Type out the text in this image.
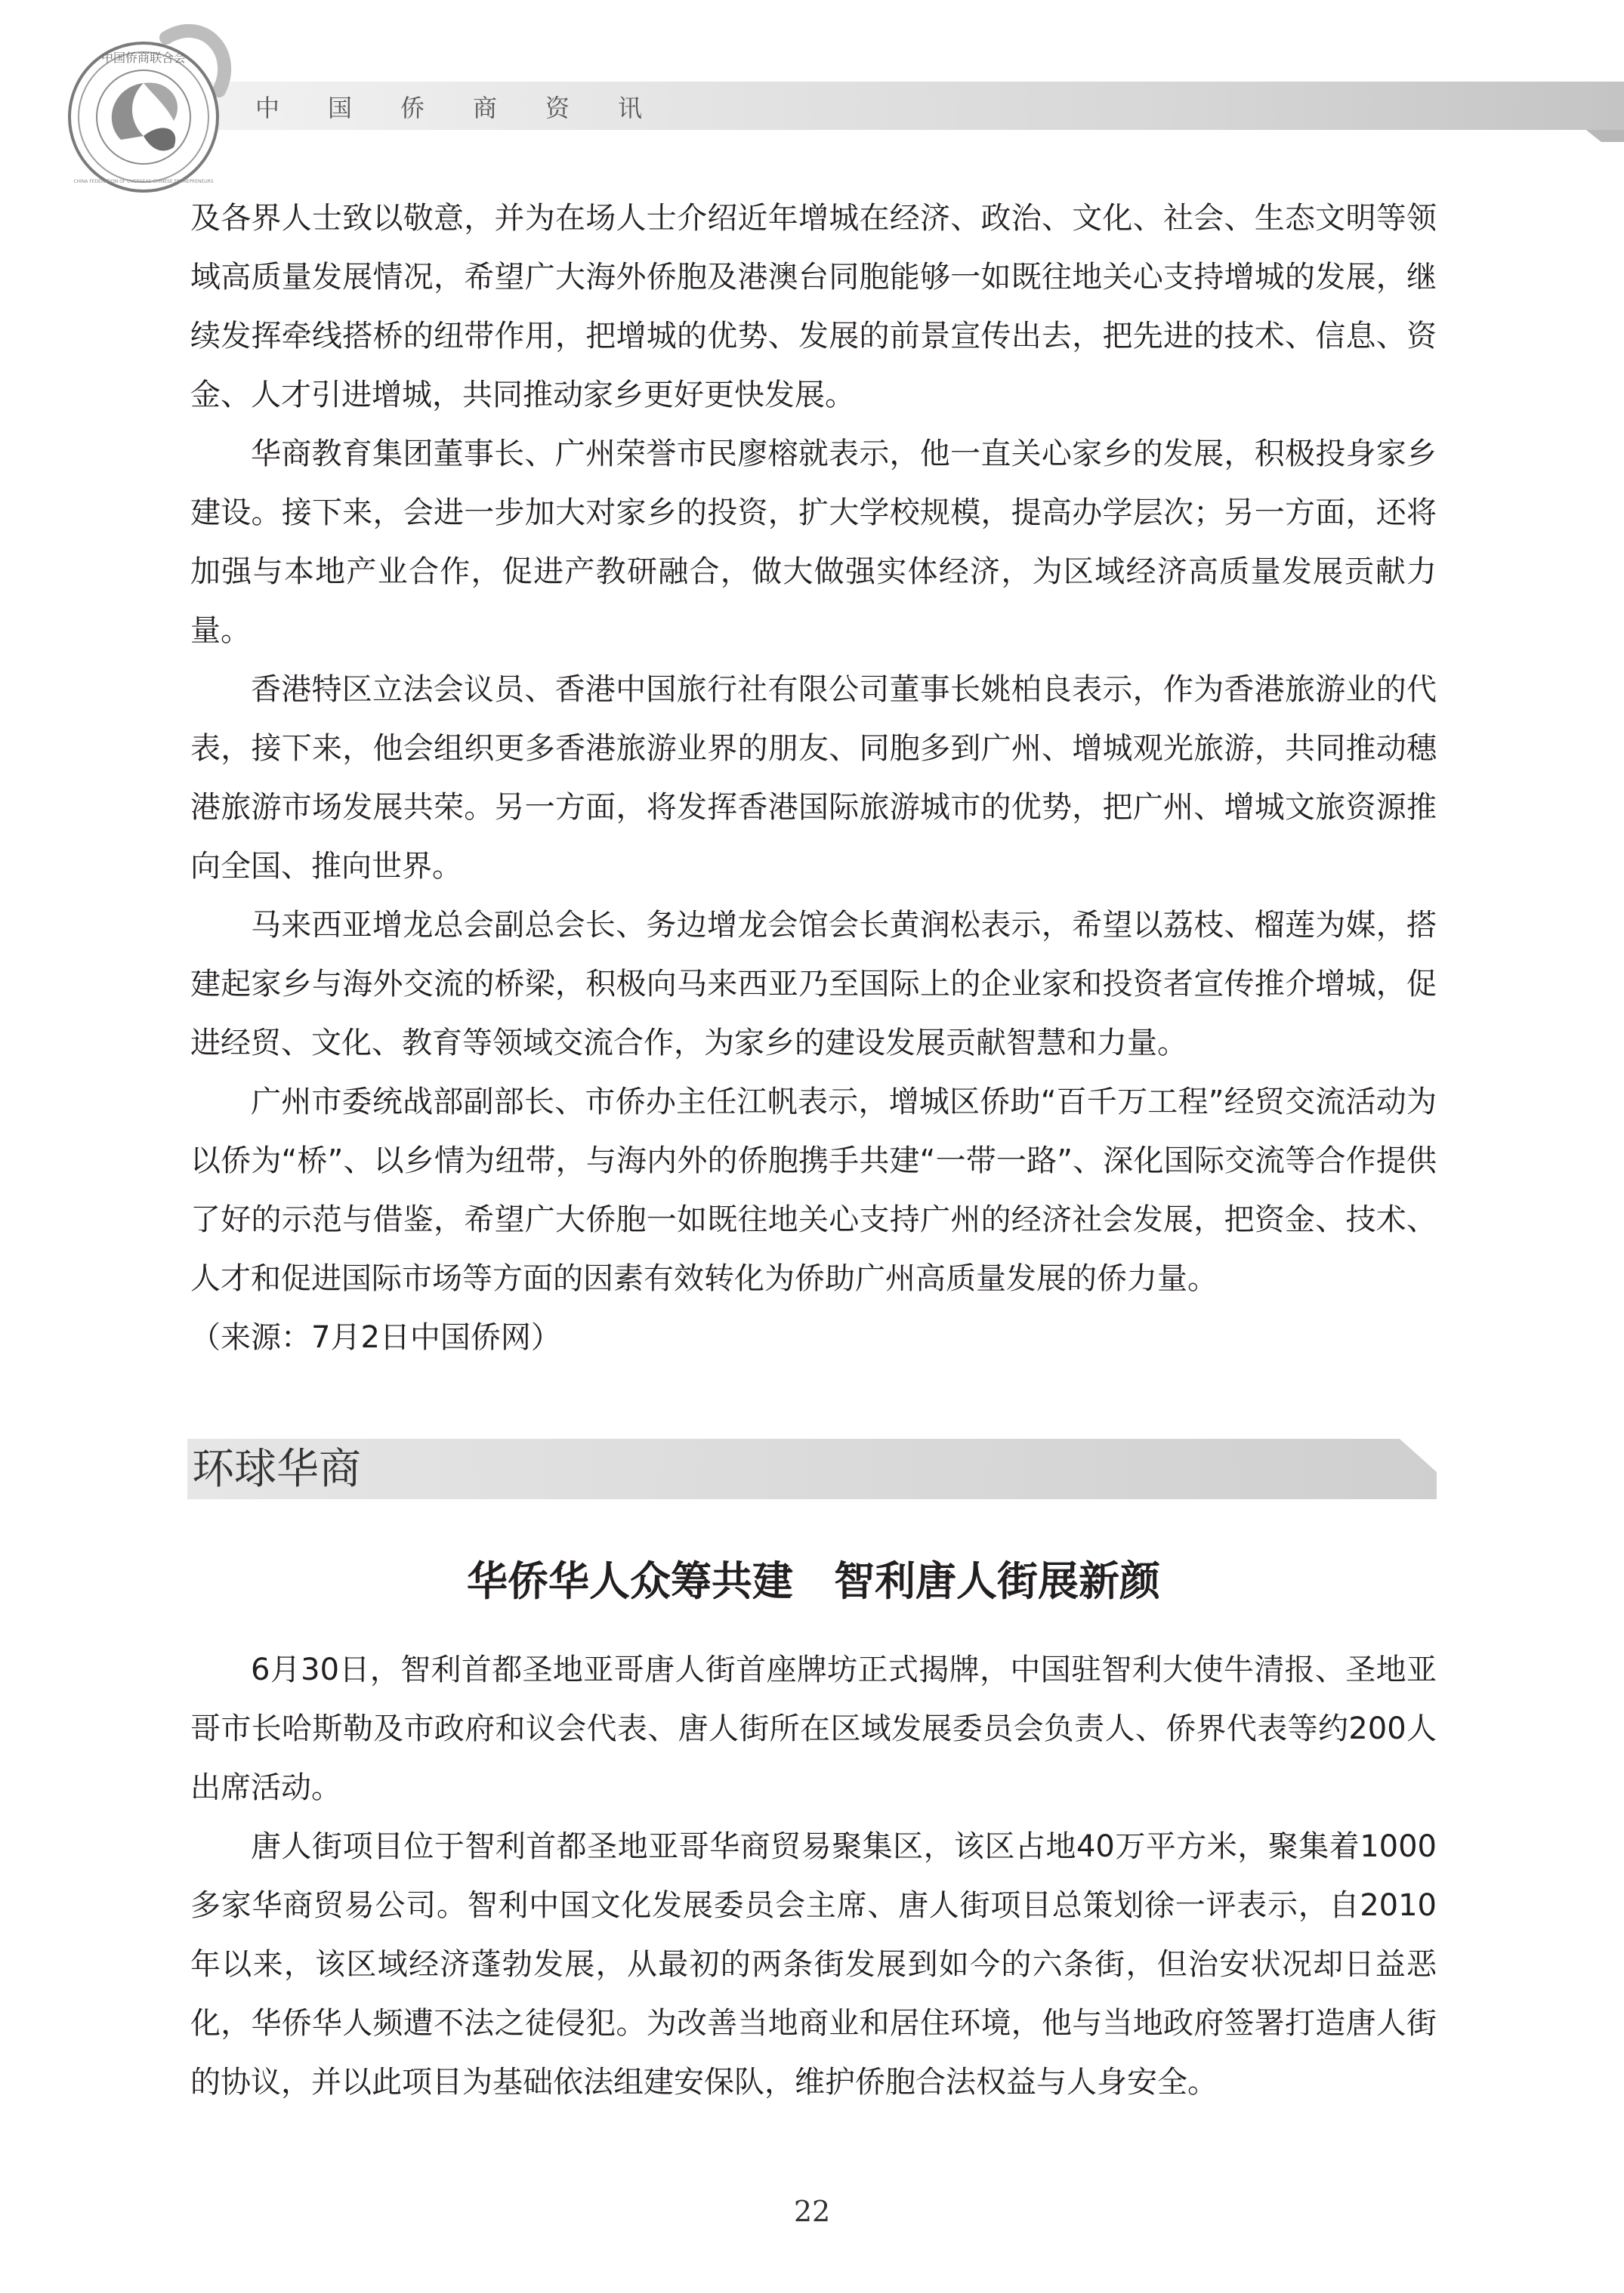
中国侨商资讯
中国侨商联合会
CHINA FEDERATION OF OVERSEAS CHINESE ENTREPRENEURS

及各界人士致以敬意，并为在场人士介绍近年增城在经济、政治、文化、社会、生态文明等领域高质量发展情况，希望广大海外侨胞及港澳台同胞能够一如既往地关心支持增城的发展，继续发挥牵线搭桥的纽带作用，把增城的优势、发展的前景宣传出去，把先进的技术、信息、资金、人才引进增城，共同推动家乡更好更快发展。

华商教育集团董事长、广州荣誉市民廖榕就表示，他一直关心家乡的发展，积极投身家乡建设。接下来，会进一步加大对家乡的投资，扩大学校规模，提高办学层次；另一方面，还将加强与本地产业合作，促进产教研融合，做大做强实体经济，为区域经济高质量发展贡献力量。

香港特区立法会议员、香港中国旅行社有限公司董事长姚柏良表示，作为香港旅游业的代表，接下来，他会组织更多香港旅游业界的朋友、同胞多到广州、增城观光旅游，共同推动穗港旅游市场发展共荣。另一方面，将发挥香港国际旅游城市的优势，把广州、增城文旅资源推向全国、推向世界。

马来西亚增龙总会副总会长、务边增龙会馆会长黄润松表示，希望以荔枝、榴莲为媒，搭建起家乡与海外交流的桥梁，积极向马来西亚乃至国际上的企业家和投资者宣传推介增城，促进经贸、文化、教育等领域交流合作，为家乡的建设发展贡献智慧和力量。

广州市委统战部副部长、市侨办主任江帆表示，增城区侨助“百千万工程”经贸交流活动为以侨为“桥”、以乡情为纽带，与海内外的侨胞携手共建“一带一路”、深化国际交流等合作提供了好的示范与借鉴，希望广大侨胞一如既往地关心支持广州的经济社会发展，把资金、技术、人才和促进国际市场等方面的因素有效转化为侨助广州高质量发展的侨力量。

（来源：7月2日中国侨网）

环球华商
华侨华人众筹共建　智利唐人街展新颜

6月30日，智利首都圣地亚哥唐人街首座牌坊正式揭牌，中国驻智利大使牛清报、圣地亚哥市长哈斯勒及市政府和议会代表、唐人街所在区域发展委员会负责人、侨界代表等约200人出席活动。

唐人街项目位于智利首都圣地亚哥华商贸易聚集区，该区占地40万平方米，聚集着1000多家华商贸易公司。智利中国文化发展委员会主席、唐人街项目总策划徐一评表示，自2010年以来，该区域经济蓬勃发展，从最初的两条街发展到如今的六条街，但治安状况却日益恶化，华侨华人频遭不法之徒侵犯。为改善当地商业和居住环境，他与当地政府签署打造唐人街的协议，并以此项目为基础依法组建安保队，维护侨胞合法权益与人身安全。

22
